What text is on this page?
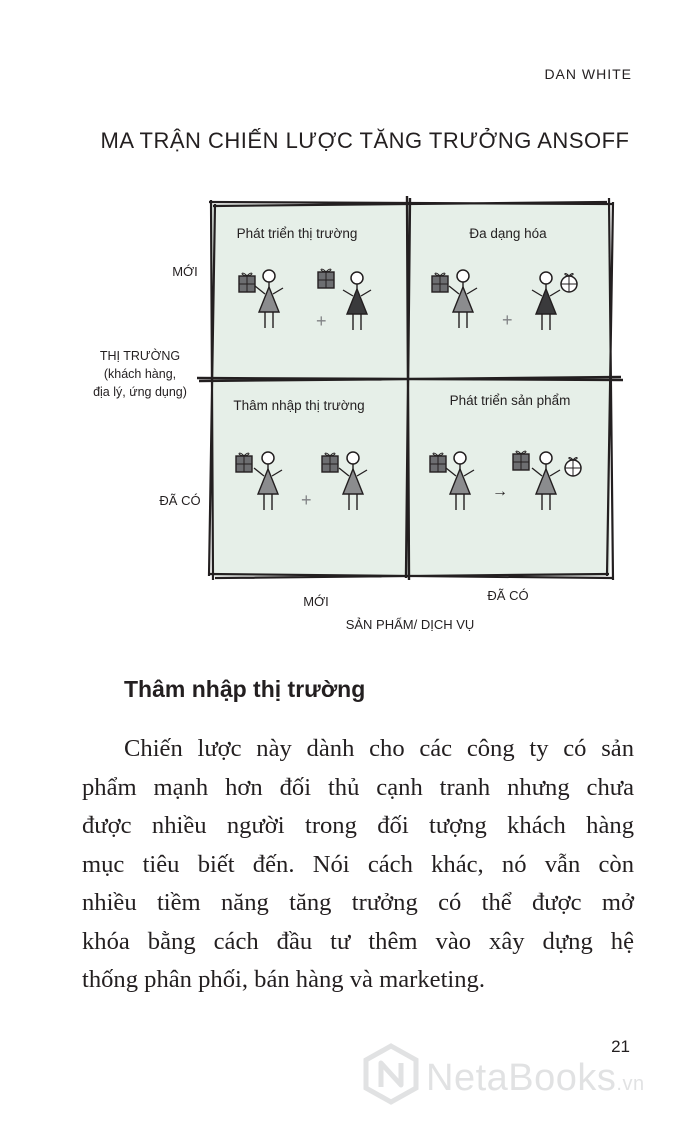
DAN WHITE
MA TRẬN CHIẾN LƯỢC TĂNG TRƯỞNG ANSOFF
+	+
+	→
Phát triển thị trường	Đa dạng hóa
Thâm nhập thị trường	Phát triển sản phẩm
MỚI
ĐÃ CÓ
THỊ TRƯỜNG
(khách hàng,
địa lý, ứng dụng)
MỚI	ĐÃ CÓ
SẢN PHẨM/ DỊCH VỤ
Thâm nhập thị trường
Chiến lược này dành cho các công ty có sản
phẩm mạnh hơn đối thủ cạnh tranh nhưng chưa
được nhiều người trong đối tượng khách hàng
mục tiêu biết đến. Nói cách khác, nó vẫn còn
nhiều tiềm năng tăng trưởng có thể được mở
khóa bằng cách đầu tư thêm vào xây dựng hệ
thống phân phối, bán hàng và marketing.
21
NetaBooks.vn
